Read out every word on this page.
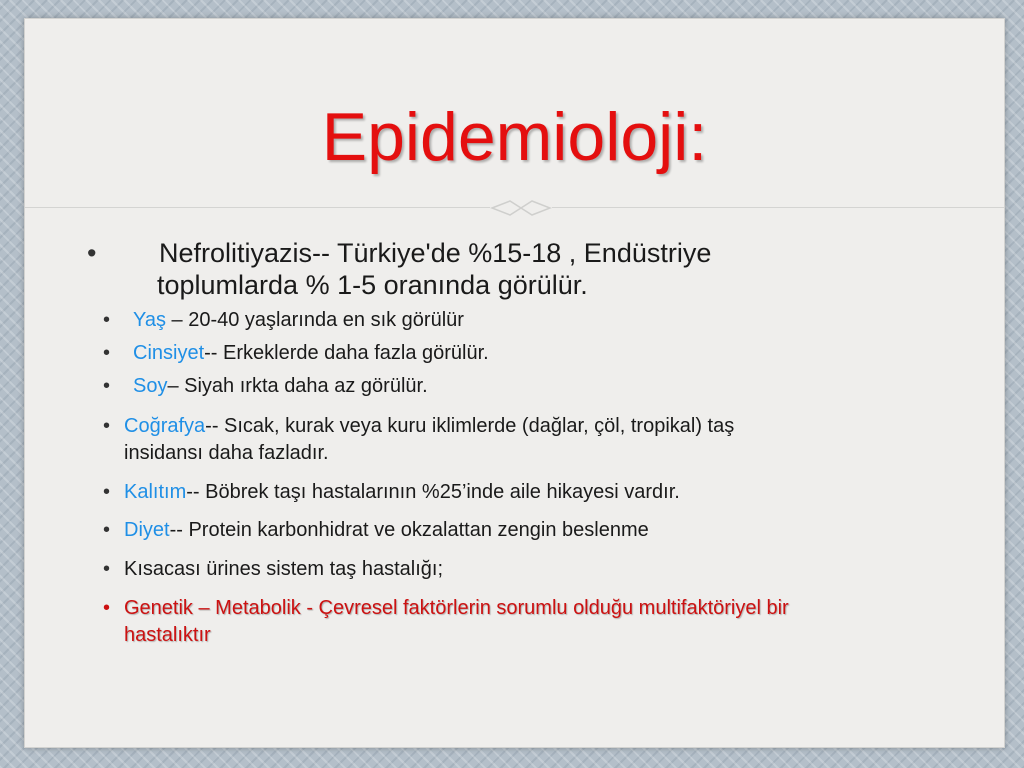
Epidemioloji:
• Nefrolitiyazis-- Türkiye'de %15-18 , Endüstriye
toplumlarda % 1-5 oranında görülür.
• Yaş – 20-40 yaşlarında en sık görülür
• Cinsiyet-- Erkeklerde daha fazla görülür.
• Soy– Siyah ırkta daha az görülür.
• Coğrafya-- Sıcak, kurak veya kuru iklimlerde (dağlar, çöl, tropikal) taş
insidansı daha fazladır.
• Kalıtım-- Böbrek taşı hastalarının %25’inde aile hikayesi vardır.
• Diyet-- Protein karbonhidrat ve okzalattan zengin beslenme
• Kısacası ürines sistem taş hastalığı;
• Genetik – Metabolik - Çevresel faktörlerin sorumlu olduğu multifaktöriyel bir
hastalıktır
